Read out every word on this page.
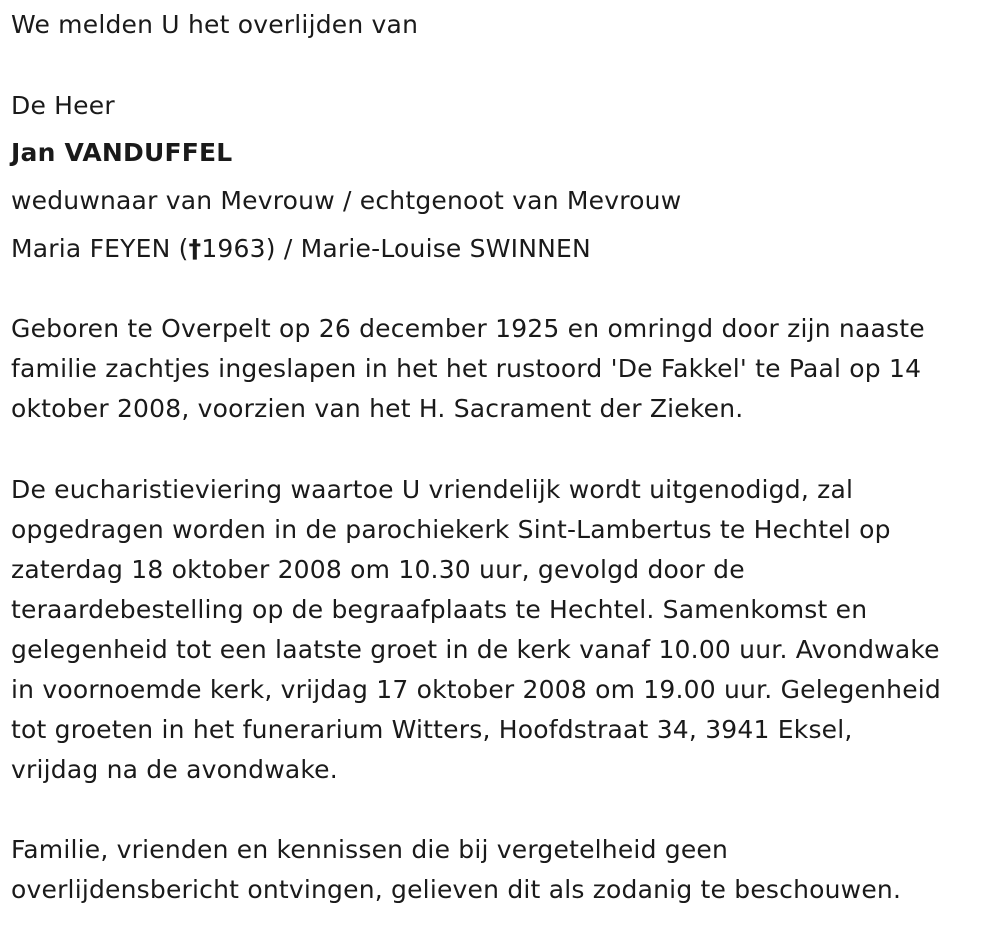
We melden U het overlijden van
De Heer
Jan VANDUFFEL
weduwnaar van Mevrouw / echtgenoot van Mevrouw
Maria FEYEN (†1963) / Marie-Louise SWINNEN
Geboren te Overpelt op 26 december 1925 en omringd door zijn naaste
familie zachtjes ingeslapen in het het rustoord 'De Fakkel' te Paal op 14
oktober 2008, voorzien van het H. Sacrament der Zieken.
De eucharistieviering waartoe U vriendelijk wordt uitgenodigd, zal
opgedragen worden in de parochiekerk Sint-Lambertus te Hechtel op
zaterdag 18 oktober 2008 om 10.30 uur, gevolgd door de
teraardebestelling op de begraafplaats te Hechtel. Samenkomst en
gelegenheid tot een laatste groet in de kerk vanaf 10.00 uur. Avondwake
in voornoemde kerk, vrijdag 17 oktober 2008 om 19.00 uur. Gelegenheid
tot groeten in het funerarium Witters, Hoofdstraat 34, 3941 Eksel,
vrijdag na de avondwake.
Familie, vrienden en kennissen die bij vergetelheid geen
overlijdensbericht ontvingen, gelieven dit als zodanig te beschouwen.
